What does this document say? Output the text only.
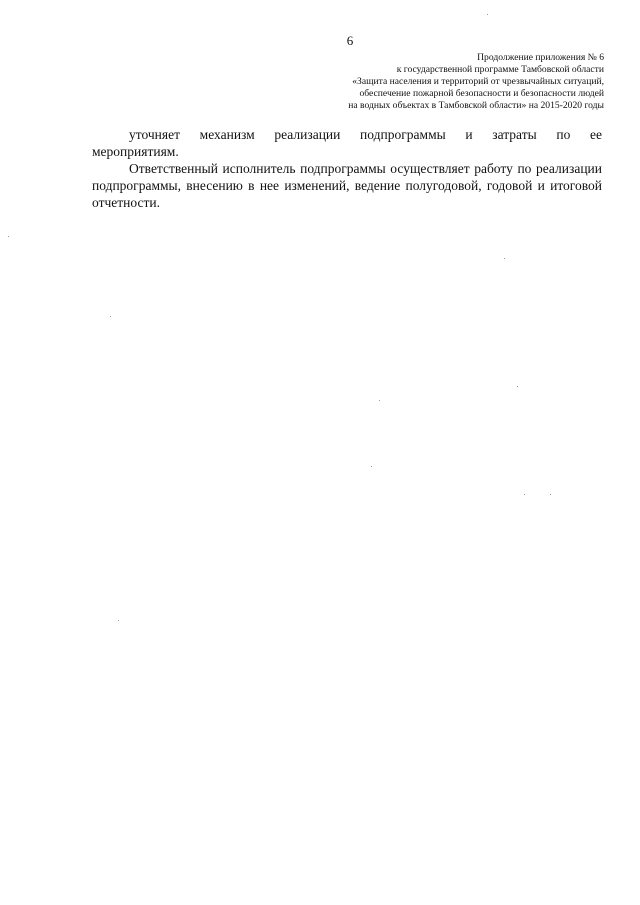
6
Продолжение приложения № 6
к государственной программе Тамбовской области
«Защита населения и территорий от чрезвычайных ситуаций,
обеспечение пожарной безопасности и безопасности людей
на водных объектах в Тамбовской области» на 2015-2020 годы

уточняет механизм реализации подпрограммы и затраты по ее мероприятиям.

Ответственный исполнитель подпрограммы осуществляет работу по реализации подпрограммы, внесению в нее изменений, ведение полугодовой, годовой и итоговой отчетности.
